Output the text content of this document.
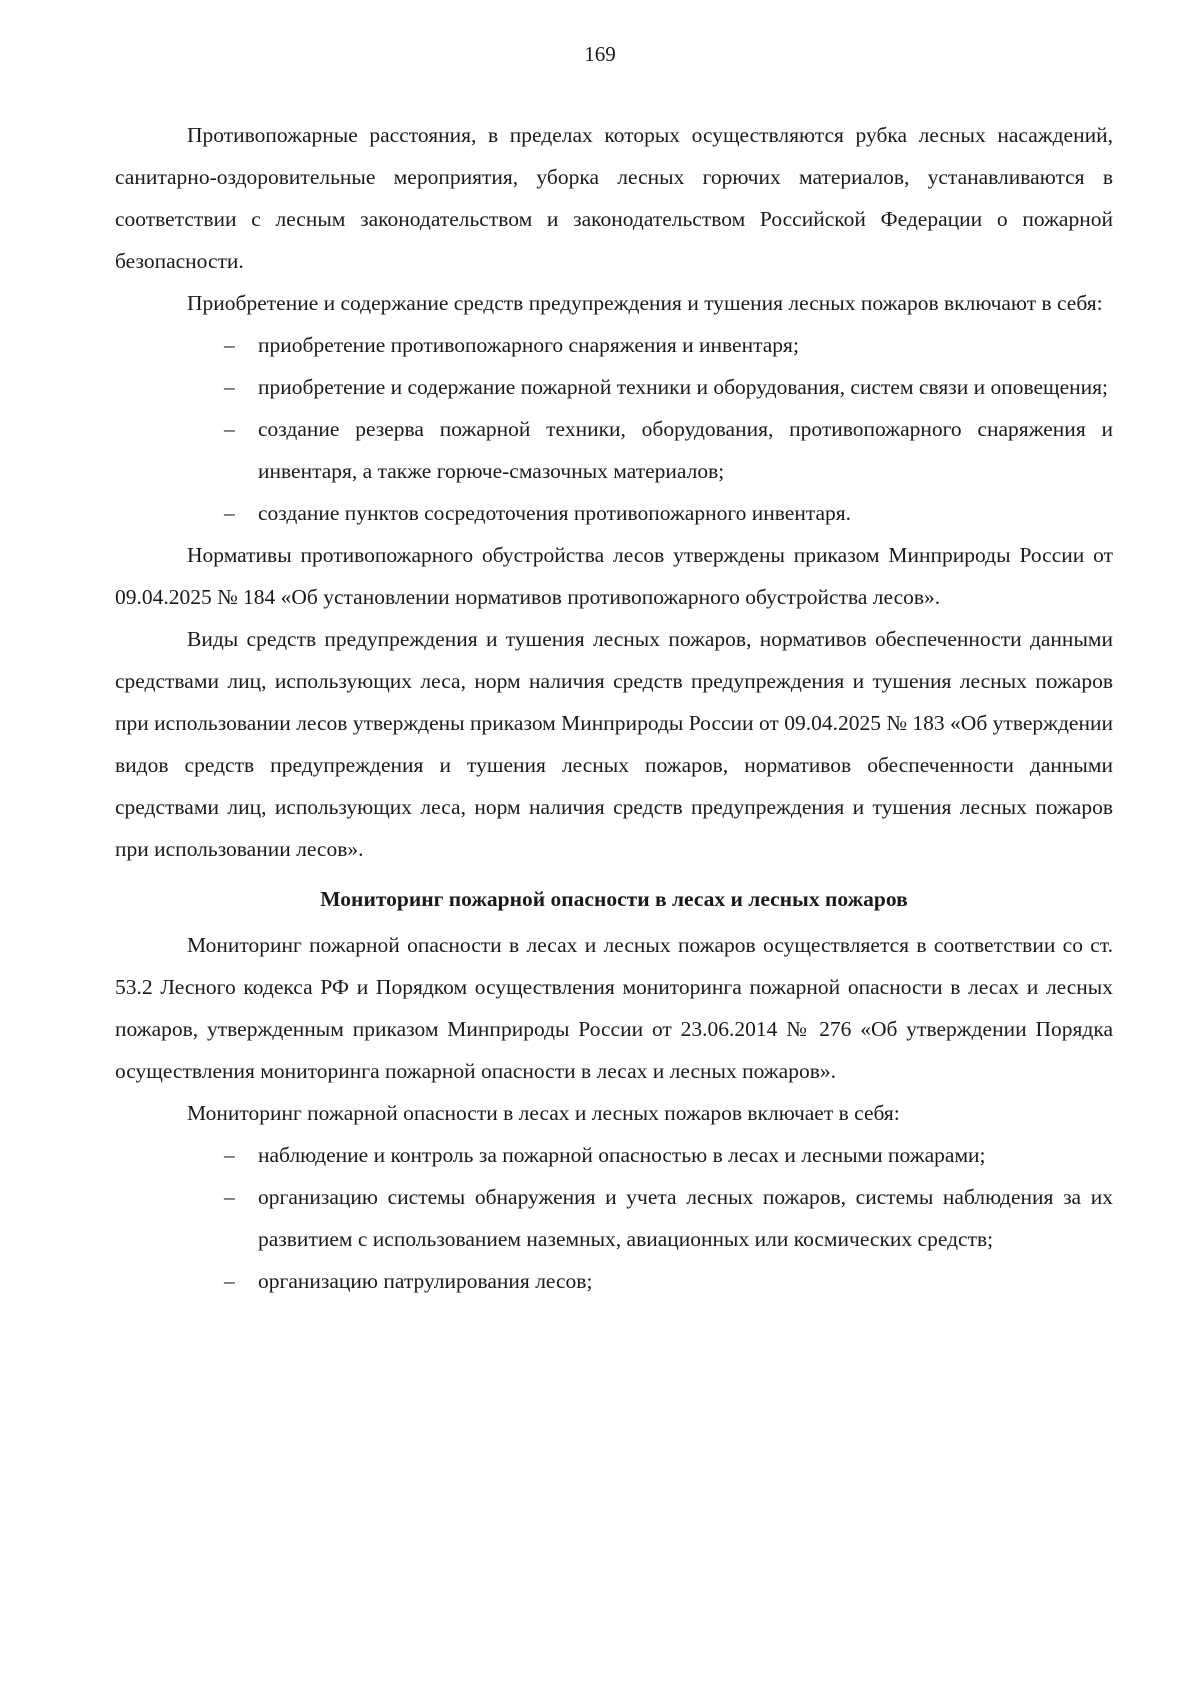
169

Противопожарные расстояния, в пределах которых осуществляются рубка лесных насаждений, санитарно-оздоровительные мероприятия, уборка лесных горючих материалов, устанавливаются в соответствии с лесным законодательством и законодательством Российской Федерации о пожарной безопасности.

Приобретение и содержание средств предупреждения и тушения лесных пожаров включают в себя:

– приобретение противопожарного снаряжения и инвентаря;
– приобретение и содержание пожарной техники и оборудования, систем связи и оповещения;
– создание резерва пожарной техники, оборудования, противопожарного снаряжения и инвентаря, а также горюче-смазочных материалов;
– создание пунктов сосредоточения противопожарного инвентаря.

Нормативы противопожарного обустройства лесов утверждены приказом Минприроды России от 09.04.2025 № 184 «Об установлении нормативов противопожарного обустройства лесов».

Виды средств предупреждения и тушения лесных пожаров, нормативов обеспеченности данными средствами лиц, использующих леса, норм наличия средств предупреждения и тушения лесных пожаров при использовании лесов утверждены приказом Минприроды России от 09.04.2025 № 183 «Об утверждении видов средств предупреждения и тушения лесных пожаров, нормативов обеспеченности данными средствами лиц, использующих леса, норм наличия средств предупреждения и тушения лесных пожаров при использовании лесов».

Мониторинг пожарной опасности в лесах и лесных пожаров

Мониторинг пожарной опасности в лесах и лесных пожаров осуществляется в соответствии со ст. 53.2 Лесного кодекса РФ и Порядком осуществления мониторинга пожарной опасности в лесах и лесных пожаров, утвержденным приказом Минприроды России от 23.06.2014 № 276 «Об утверждении Порядка осуществления мониторинга пожарной опасности в лесах и лесных пожаров».

Мониторинг пожарной опасности в лесах и лесных пожаров включает в себя:

– наблюдение и контроль за пожарной опасностью в лесах и лесными пожарами;
– организацию системы обнаружения и учета лесных пожаров, системы наблюдения за их развитием с использованием наземных, авиационных или космических средств;
– организацию патрулирования лесов;
